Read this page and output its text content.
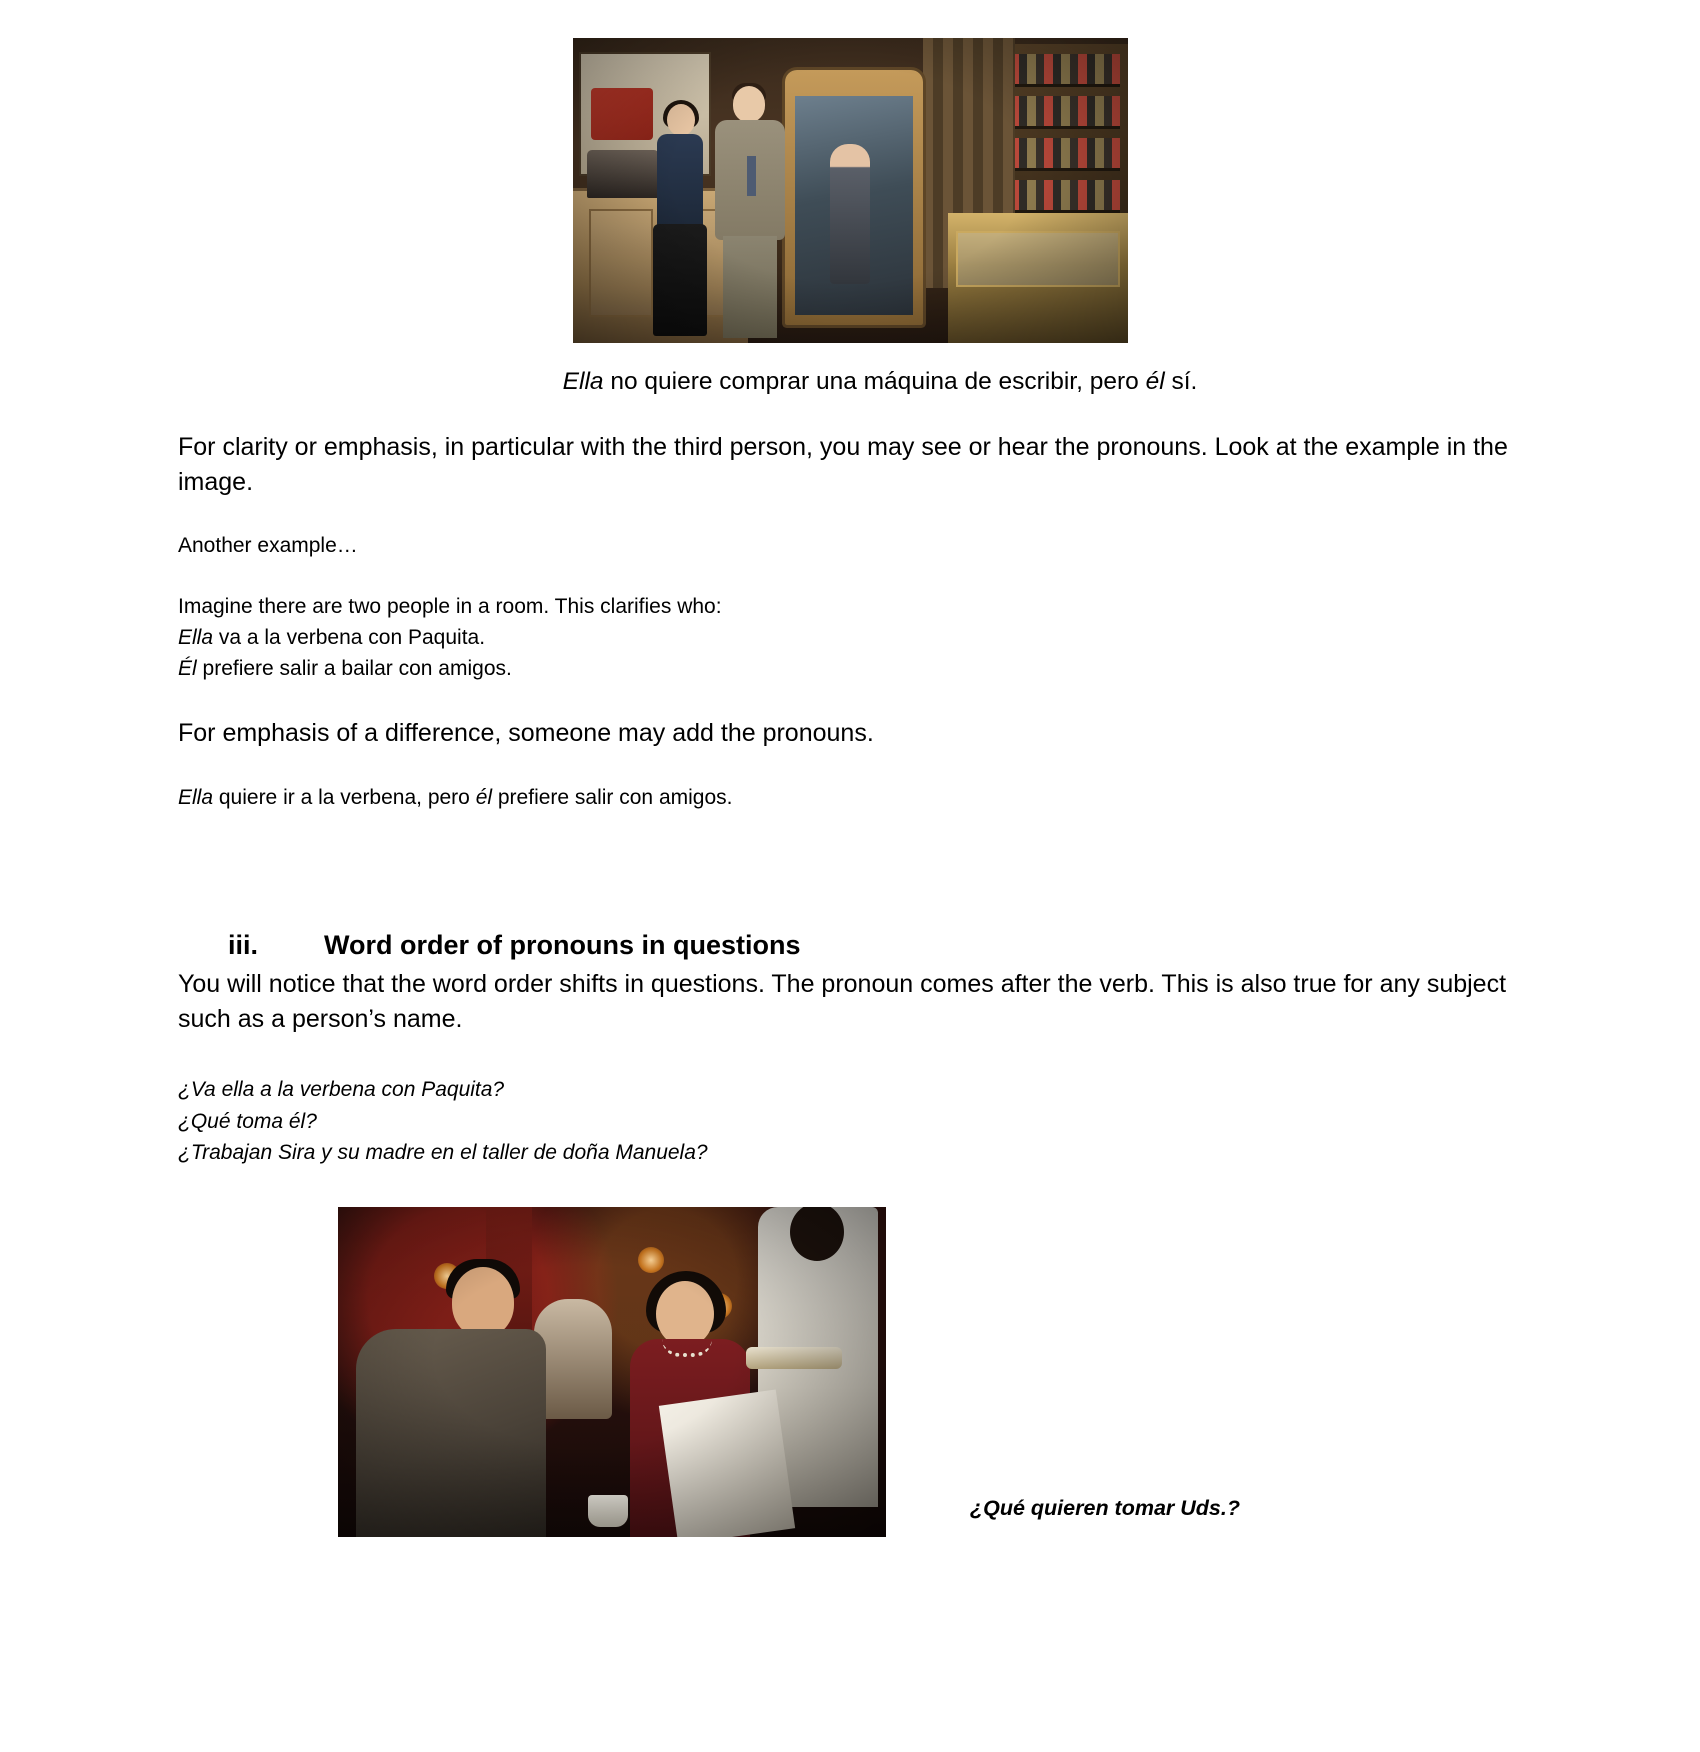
Ella no quiere comprar una máquina de escribir, pero él sí.

For clarity or emphasis, in particular with the third person, you may see or hear the pronouns. Look at the example in the image.

Another example…

Imagine there are two people in a room. This clarifies who:
Ella va a la verbena con Paquita.
Él prefiere salir a bailar con amigos.

For emphasis of a difference, someone may add the pronouns.

Ella quiere ir a la verbena, pero él prefiere salir con amigos.

iii.	Word order of pronouns in questions

You will notice that the word order shifts in questions. The pronoun comes after the verb. This is also true for any subject such as a person’s name.

¿Va ella a la verbena con Paquita?
¿Qué toma él?
¿Trabajan Sira y su madre en el taller de doña Manuela?
¿Qué quieren tomar Uds.?
